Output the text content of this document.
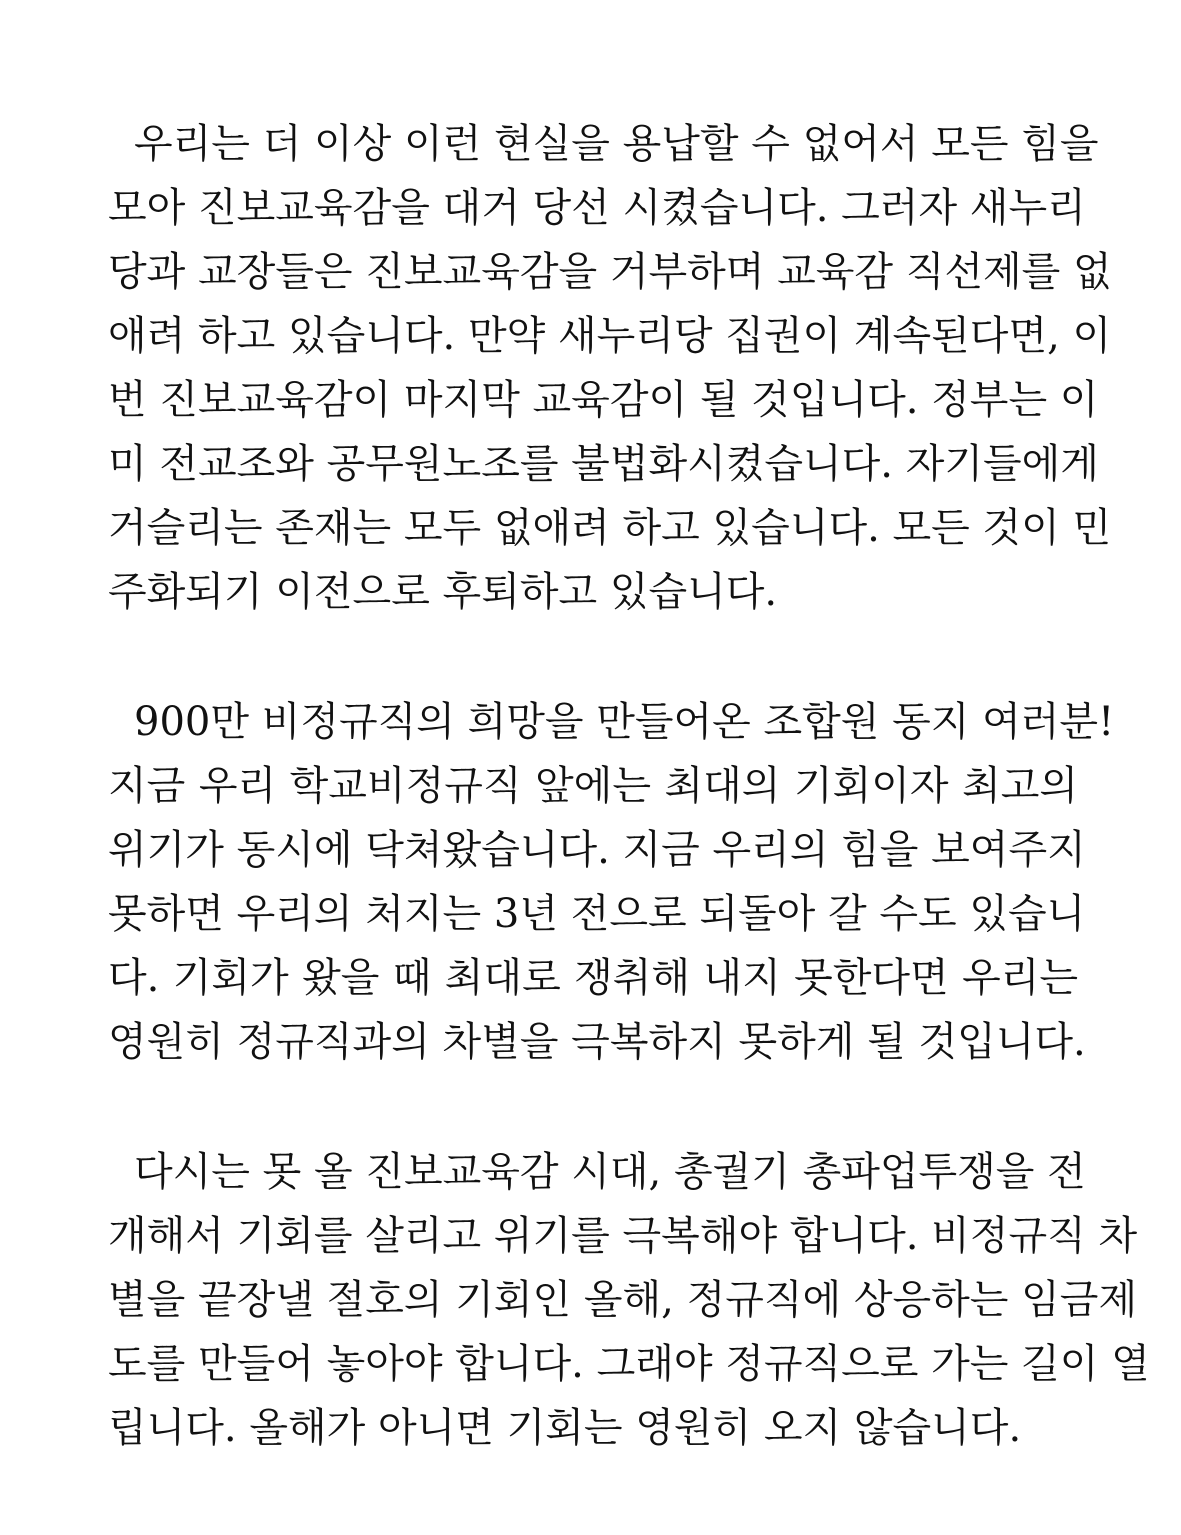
우리는 더 이상 이런 현실을 용납할 수 없어서 모든 힘을
모아 진보교육감을 대거 당선 시켰습니다. 그러자 새누리
당과 교장들은 진보교육감을 거부하며 교육감 직선제를 없
애려 하고 있습니다. 만약 새누리당 집권이 계속된다면, 이
번 진보교육감이 마지막 교육감이 될 것입니다. 정부는 이
미 전교조와 공무원노조를 불법화시켰습니다. 자기들에게
거슬리는 존재는 모두 없애려 하고 있습니다. 모든 것이 민
주화되기 이전으로 후퇴하고 있습니다.
900만 비정규직의 희망을 만들어온 조합원 동지 여러분!
지금 우리 학교비정규직 앞에는 최대의 기회이자 최고의
위기가 동시에 닥쳐왔습니다. 지금 우리의 힘을 보여주지
못하면 우리의 처지는 3년 전으로 되돌아 갈 수도 있습니
다. 기회가 왔을 때 최대로 쟁취해 내지 못한다면 우리는
영원히 정규직과의 차별을 극복하지 못하게 될 것입니다.
다시는 못 올 진보교육감 시대, 총궐기 총파업투쟁을 전
개해서 기회를 살리고 위기를 극복해야 합니다. 비정규직 차
별을 끝장낼 절호의 기회인 올해, 정규직에 상응하는 임금제
도를 만들어 놓아야 합니다. 그래야 정규직으로 가는 길이 열
립니다. 올해가 아니면 기회는 영원히 오지 않습니다.
